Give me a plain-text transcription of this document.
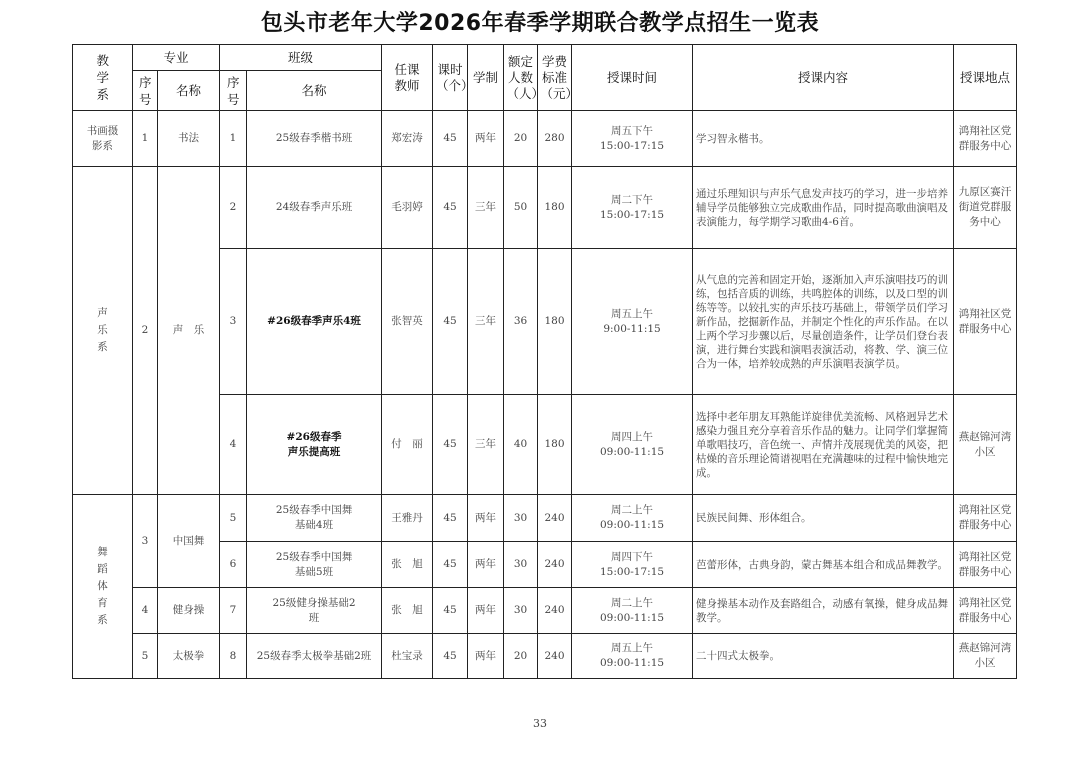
包头市老年大学2026年春季学期联合教学点招生一览表
教学系	专业		班级		任课教师	课时（个）	学制	额定人数（人）	学费标准（元）	授课时间	授课内容	授课地点
	序号	名称	序号	名称								
书画摄影系	1	书法	1	25级春季楷书班	郑宏涛	45	两年	20	280	周五下午
15:00-17:15	学习智永楷书。	鸿翔社区党群服务中心
声乐系	2	声　乐	2	24级春季声乐班	毛羽婷	45	三年	50	180	周二下午
15:00-17:15	通过乐理知识与声乐气息发声技巧的学习，进一步培养辅导学员能够独立完成歌曲作品，同时提高歌曲演唱及表演能力，每学期学习歌曲4-6首。	九原区赛汗街道党群服务中心
			3	#26级春季声乐4班	张智英	45	三年	36	180	周五上午
9:00-11:15	从气息的完善和固定开始，逐渐加入声乐演唱技巧的训练，包括音质的训练，共鸣腔体的训练，以及口型的训练等等。以较扎实的声乐技巧基础上，带领学员们学习新作品，挖掘新作品，并制定个性化的声乐作品。在以上两个学习步骤以后，尽量创造条件，让学员们登台表演，进行舞台实践和演唱表演活动，将教、学、演三位合为一体，培养较成熟的声乐演唱表演学员。	鸿翔社区党群服务中心
			4	#26级春季声乐提高班	付　丽	45	三年	40	180	周四上午
09:00-11:15	选择中老年朋友耳熟能详旋律优美流畅、风格迥异艺术感染力强且充分享着音乐作品的魅力。让同学们掌握简单歌唱技巧，音色统一、声情并茂展现优美的风姿，把枯燥的音乐理论简谱视唱在充满趣味的过程中愉快地完成。	燕赵锦河湾小区
舞蹈体育系	3	中国舞	5	25级春季中国舞基础4班	王雅丹	45	两年	30	240	周二上午
09:00-11:15	民族民间舞、形体组合。	鸿翔社区党群服务中心
			6	25级春季中国舞基础5班	张　旭	45	两年	30	240	周四下午
15:00-17:15	芭蕾形体，古典身韵，蒙古舞基本组合和成品舞教学。	鸿翔社区党群服务中心
	4	健身操	7	25级健身操基础2班	张　旭	45	两年	30	240	周二上午
09:00-11:15	健身操基本动作及套路组合，动感有氧操，健身成品舞教学。	鸿翔社区党群服务中心
	5	太极拳	8	25级春季太极拳基础2班	杜宝录	45	两年	20	240	周五上午
09:00-11:15	二十四式太极拳。	燕赵锦河湾小区
33
